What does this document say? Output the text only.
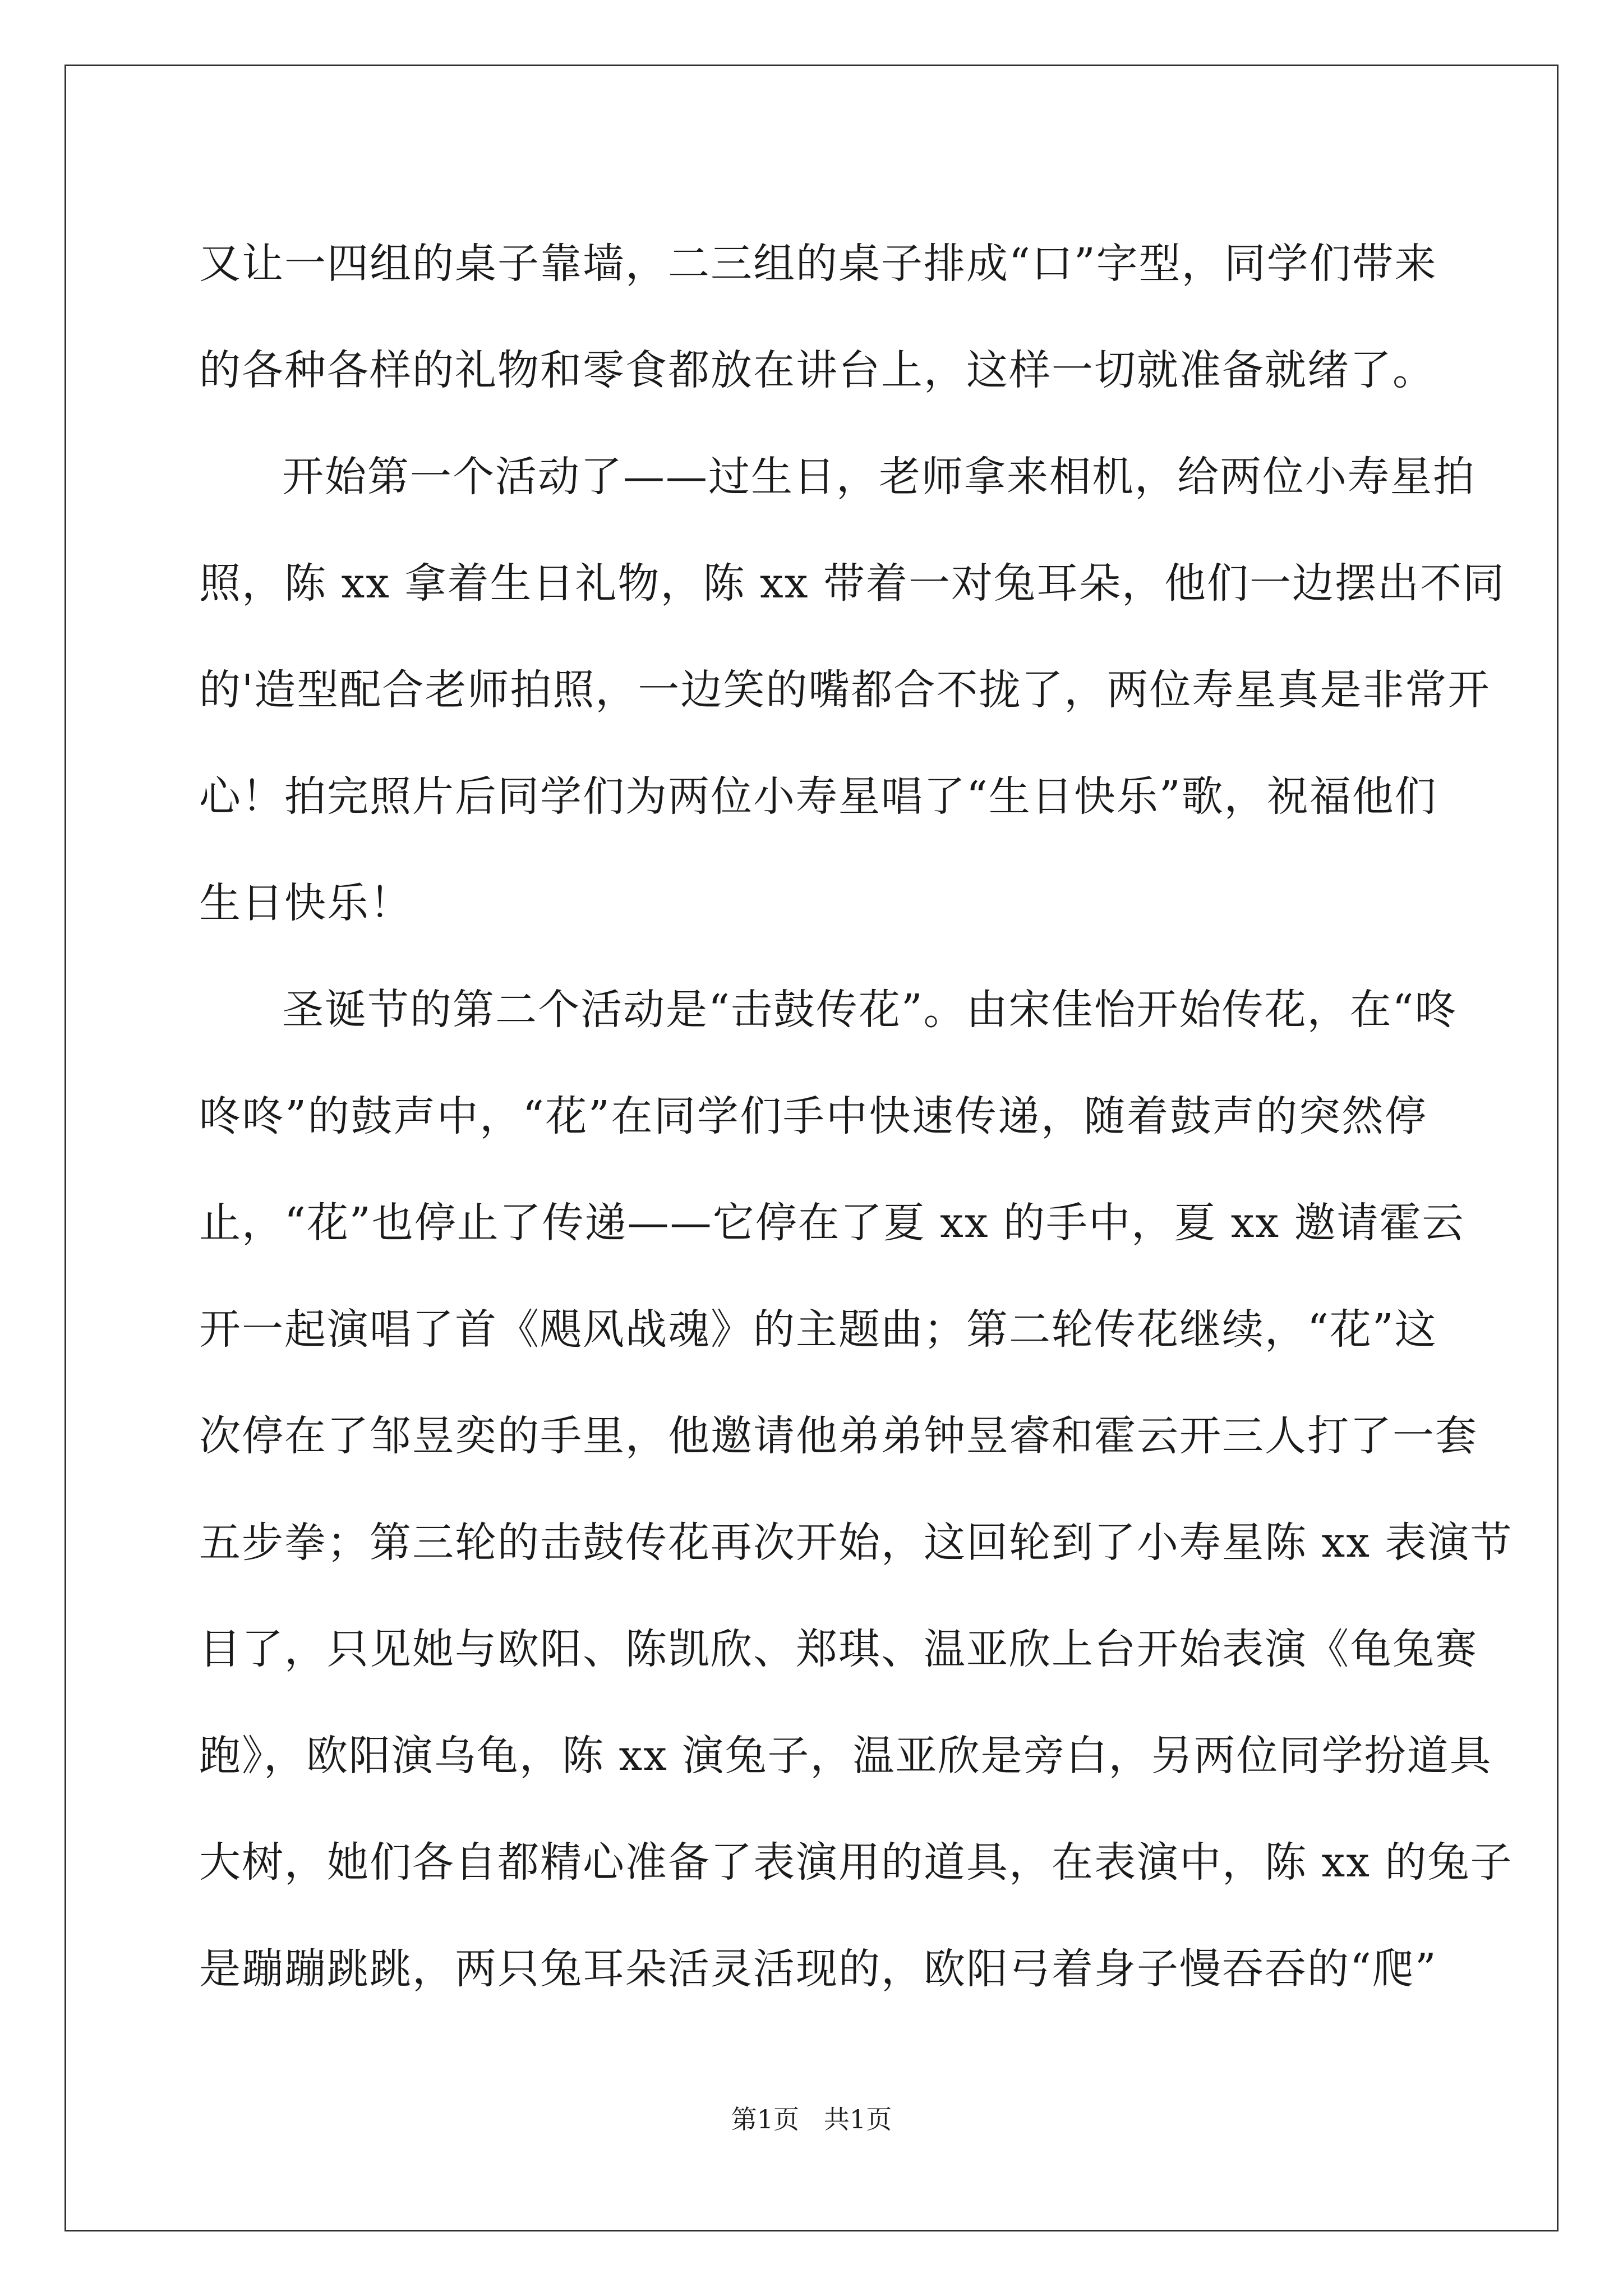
又让一四组的桌子靠墙，二三组的桌子排成“口”字型，同学们带来
的各种各样的礼物和零食都放在讲台上，这样一切就准备就绪了。
开始第一个活动了——过生日，老师拿来相机，给两位小寿星拍
照，陈 xx 拿着生日礼物，陈 xx 带着一对兔耳朵，他们一边摆出不同
的'造型配合老师拍照，一边笑的嘴都合不拢了，两位寿星真是非常开
心！拍完照片后同学们为两位小寿星唱了“生日快乐”歌，祝福他们
生日快乐！
圣诞节的第二个活动是“击鼓传花”。由宋佳怡开始传花，在“咚
咚咚”的鼓声中，“花”在同学们手中快速传递，随着鼓声的突然停
止，“花”也停止了传递——它停在了夏 xx 的手中，夏 xx 邀请霍云
开一起演唱了首《飓风战魂》的主题曲；第二轮传花继续，“花”这
次停在了邹昱奕的手里，他邀请他弟弟钟昱睿和霍云开三人打了一套
五步拳；第三轮的击鼓传花再次开始，这回轮到了小寿星陈 xx 表演节
目了，只见她与欧阳、陈凯欣、郑琪、温亚欣上台开始表演《龟兔赛
跑》，欧阳演乌龟，陈 xx 演兔子，温亚欣是旁白，另两位同学扮道具
大树，她们各自都精心准备了表演用的道具，在表演中，陈 xx 的兔子
是蹦蹦跳跳，两只兔耳朵活灵活现的，欧阳弓着身子慢吞吞的“爬”
第1页   共1页
